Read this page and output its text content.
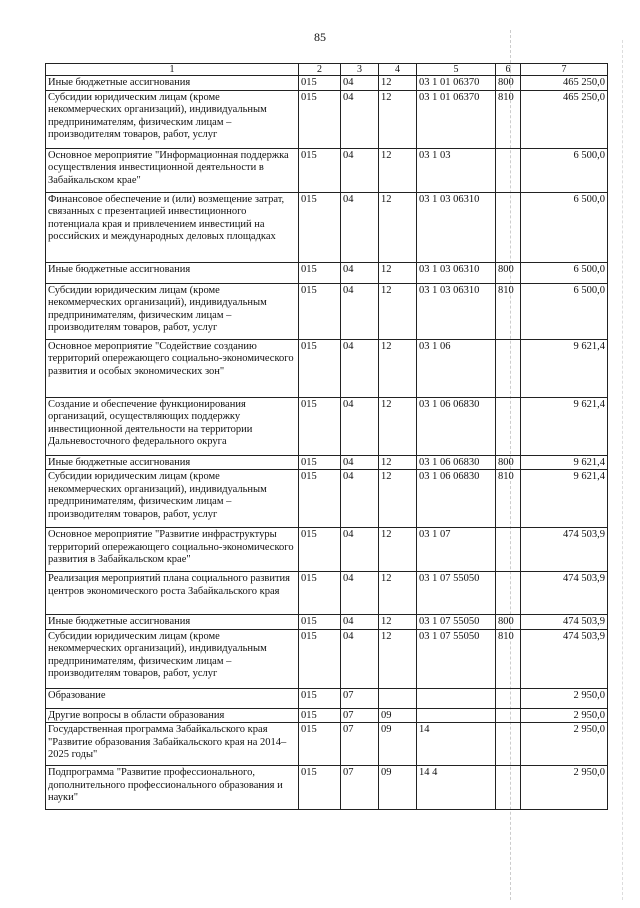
85
1	2	3	4	5	6	7
Иные бюджетные ассигнования	015	04	12	03 1 01 06370	800	465 250,0
Субсидии юридическим лицам (кроме некоммерческих организаций), индивидуальным предпринимателям, физическим лицам – производителям товаров, работ, услуг	015	04	12	03 1 01 06370	810	465 250,0
Основное мероприятие "Информационная поддержка осуществления инвестиционной деятельности в Забайкальском крае"	015	04	12	03 1 03		6 500,0
Финансовое обеспечение и (или) возмещение затрат, связанных с презентацией инвестиционного потенциала края и привлечением инвестиций на российских и международных деловых площадках	015	04	12	03 1 03 06310		6 500,0
Иные бюджетные ассигнования	015	04	12	03 1 03 06310	800	6 500,0
Субсидии юридическим лицам (кроме некоммерческих организаций), индивидуальным предпринимателям, физическим лицам – производителям товаров, работ, услуг	015	04	12	03 1 03 06310	810	6 500,0
Основное мероприятие "Содействие созданию территорий опережающего социально-экономического развития и особых экономических зон"	015	04	12	03 1 06		9 621,4
Создание и обеспечение функционирования организаций, осуществляющих поддержку инвестиционной деятельности на территории Дальневосточного федерального округа	015	04	12	03 1 06 06830		9 621,4
Иные бюджетные ассигнования	015	04	12	03 1 06 06830	800	9 621,4
Субсидии юридическим лицам (кроме некоммерческих организаций), индивидуальным предпринимателям, физическим лицам – производителям товаров, работ, услуг	015	04	12	03 1 06 06830	810	9 621,4
Основное мероприятие "Развитие инфраструктуры территорий опережающего социально-экономического развития в Забайкальском крае"	015	04	12	03 1 07		474 503,9
Реализация мероприятий плана социального развития центров экономического роста Забайкальского края	015	04	12	03 1 07 55050		474 503,9
Иные бюджетные ассигнования	015	04	12	03 1 07 55050	800	474 503,9
Субсидии юридическим лицам (кроме некоммерческих организаций), индивидуальным предпринимателям, физическим лицам – производителям товаров, работ, услуг	015	04	12	03 1 07 55050	810	474 503,9
Образование	015	07				2 950,0
Другие вопросы в области образования	015	07	09			2 950,0
Государственная программа Забайкальского края "Развитие образования Забайкальского края на 2014–2025 годы"	015	07	09	14		2 950,0
Подпрограмма "Развитие профессионального, дополнительного профессионального образования и науки"	015	07	09	14 4		2 950,0
